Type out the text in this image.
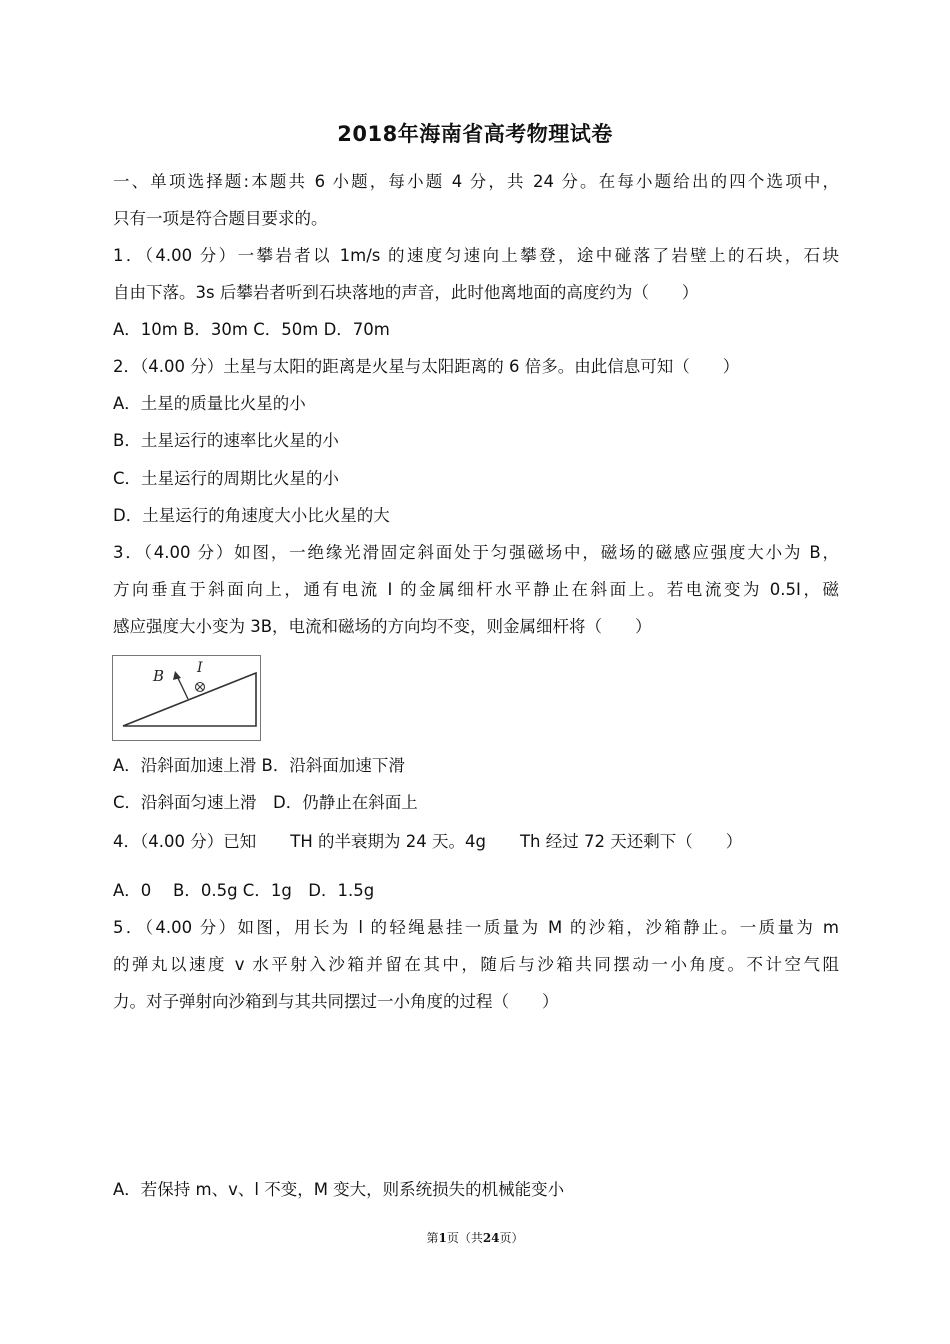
2018年海南省高考物理试卷
一、单项选择题:本题共 6 小题，每小题 4 分，共 24 分。在每小题给出的四个选项中，
只有一项是符合题目要求的。
1．（4.00 分）一攀岩者以 1m/s 的速度匀速向上攀登，途中碰落了岩壁上的石块，石块
自由下落。3s 后攀岩者听到石块落地的声音，此时他离地面的高度约为（　　）
A．10m B．30m C．50m D．70m
2．（4.00 分）土星与太阳的距离是火星与太阳距离的 6 倍多。由此信息可知（　　）
A．土星的质量比火星的小
B．土星运行的速率比火星的小
C．土星运行的周期比火星的小
D．土星运行的角速度大小比火星的大
3．（4.00 分）如图，一绝缘光滑固定斜面处于匀强磁场中，磁场的磁感应强度大小为 B，
方向垂直于斜面向上，通有电流 I 的金属细杆水平静止在斜面上。若电流变为 0.5I，磁
感应强度大小变为 3B，电流和磁场的方向均不变，则金属细杆将（　　）
B I
A．沿斜面加速上滑 B．沿斜面加速下滑
C．沿斜面匀速上滑　D．仍静止在斜面上
4．（4.00 分）已知 TH 的半衰期为 24 天。4g Th 经过 72 天还剩下（　　）
A．0　 B．0.5g C．1g　D．1.5g
5．（4.00 分）如图，用长为 l 的轻绳悬挂一质量为 M 的沙箱，沙箱静止。一质量为 m
的弹丸以速度 v 水平射入沙箱并留在其中，随后与沙箱共同摆动一小角度。不计空气阻
力。对子弹射向沙箱到与其共同摆过一小角度的过程（　　）
A．若保持 m、v、l 不变，M 变大，则系统损失的机械能变小
第1页（共24页）
